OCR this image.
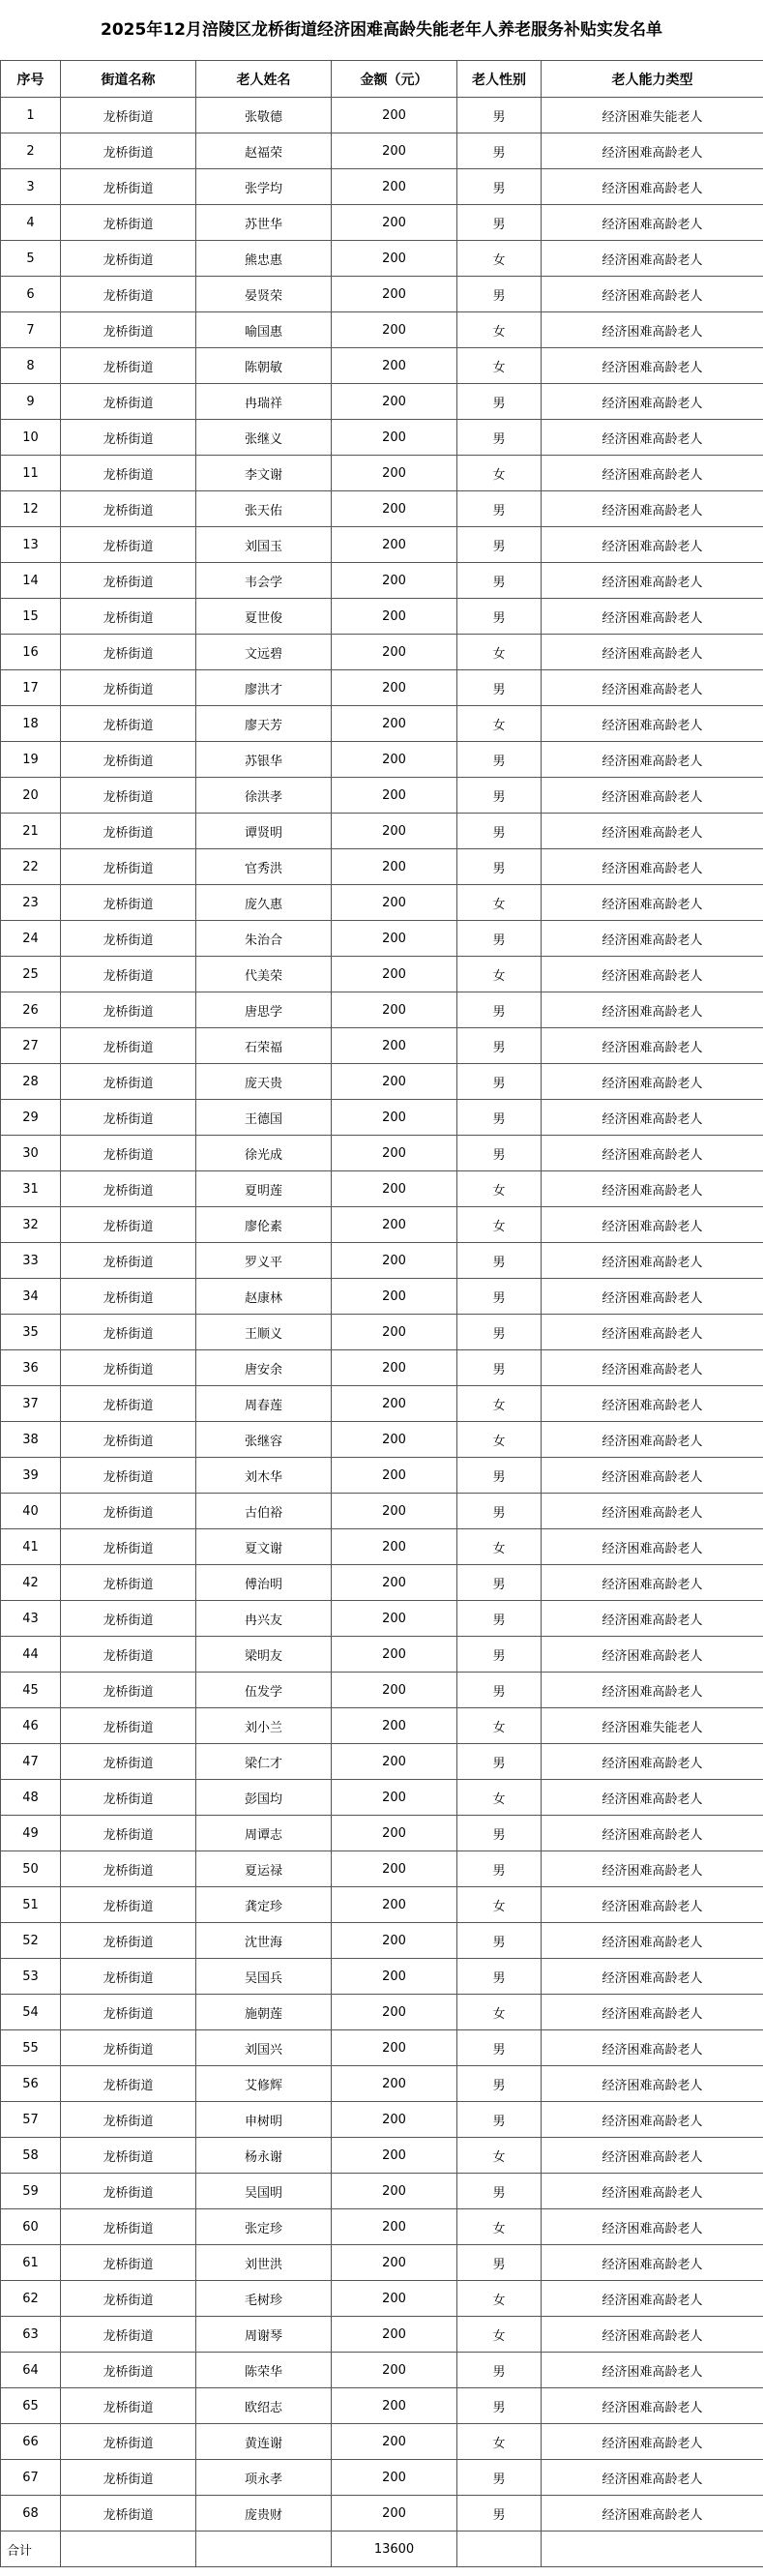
2025年12月涪陵区龙桥街道经济困难高龄失能老年人养老服务补贴实发名单
序号	街道名称	老人姓名	金额（元）	老人性别	老人能力类型
1	龙桥街道	张敬德	200	男	经济困难失能老人
2	龙桥街道	赵福荣	200	男	经济困难高龄老人
3	龙桥街道	张学均	200	男	经济困难高龄老人
4	龙桥街道	苏世华	200	男	经济困难高龄老人
5	龙桥街道	熊忠惠	200	女	经济困难高龄老人
6	龙桥街道	晏贤荣	200	男	经济困难高龄老人
7	龙桥街道	喻国惠	200	女	经济困难高龄老人
8	龙桥街道	陈朝敏	200	女	经济困难高龄老人
9	龙桥街道	冉瑞祥	200	男	经济困难高龄老人
10	龙桥街道	张继义	200	男	经济困难高龄老人
11	龙桥街道	李文谢	200	女	经济困难高龄老人
12	龙桥街道	张天佑	200	男	经济困难高龄老人
13	龙桥街道	刘国玉	200	男	经济困难高龄老人
14	龙桥街道	韦会学	200	男	经济困难高龄老人
15	龙桥街道	夏世俊	200	男	经济困难高龄老人
16	龙桥街道	文远碧	200	女	经济困难高龄老人
17	龙桥街道	廖洪才	200	男	经济困难高龄老人
18	龙桥街道	廖天芳	200	女	经济困难高龄老人
19	龙桥街道	苏银华	200	男	经济困难高龄老人
20	龙桥街道	徐洪孝	200	男	经济困难高龄老人
21	龙桥街道	谭贤明	200	男	经济困难高龄老人
22	龙桥街道	官秀洪	200	男	经济困难高龄老人
23	龙桥街道	庞久惠	200	女	经济困难高龄老人
24	龙桥街道	朱治合	200	男	经济困难高龄老人
25	龙桥街道	代美荣	200	女	经济困难高龄老人
26	龙桥街道	唐思学	200	男	经济困难高龄老人
27	龙桥街道	石荣福	200	男	经济困难高龄老人
28	龙桥街道	庞天贵	200	男	经济困难高龄老人
29	龙桥街道	王德国	200	男	经济困难高龄老人
30	龙桥街道	徐光成	200	男	经济困难高龄老人
31	龙桥街道	夏明莲	200	女	经济困难高龄老人
32	龙桥街道	廖伦素	200	女	经济困难高龄老人
33	龙桥街道	罗义平	200	男	经济困难高龄老人
34	龙桥街道	赵康林	200	男	经济困难高龄老人
35	龙桥街道	王顺义	200	男	经济困难高龄老人
36	龙桥街道	唐安余	200	男	经济困难高龄老人
37	龙桥街道	周春莲	200	女	经济困难高龄老人
38	龙桥街道	张继容	200	女	经济困难高龄老人
39	龙桥街道	刘木华	200	男	经济困难高龄老人
40	龙桥街道	古伯裕	200	男	经济困难高龄老人
41	龙桥街道	夏文谢	200	女	经济困难高龄老人
42	龙桥街道	傅治明	200	男	经济困难高龄老人
43	龙桥街道	冉兴友	200	男	经济困难高龄老人
44	龙桥街道	梁明友	200	男	经济困难高龄老人
45	龙桥街道	伍发学	200	男	经济困难高龄老人
46	龙桥街道	刘小兰	200	女	经济困难失能老人
47	龙桥街道	梁仁才	200	男	经济困难高龄老人
48	龙桥街道	彭国均	200	女	经济困难高龄老人
49	龙桥街道	周谭志	200	男	经济困难高龄老人
50	龙桥街道	夏运禄	200	男	经济困难高龄老人
51	龙桥街道	龚定珍	200	女	经济困难高龄老人
52	龙桥街道	沈世海	200	男	经济困难高龄老人
53	龙桥街道	吴国兵	200	男	经济困难高龄老人
54	龙桥街道	施朝莲	200	女	经济困难高龄老人
55	龙桥街道	刘国兴	200	男	经济困难高龄老人
56	龙桥街道	艾修辉	200	男	经济困难高龄老人
57	龙桥街道	申树明	200	男	经济困难高龄老人
58	龙桥街道	杨永谢	200	女	经济困难高龄老人
59	龙桥街道	吴国明	200	男	经济困难高龄老人
60	龙桥街道	张定珍	200	女	经济困难高龄老人
61	龙桥街道	刘世洪	200	男	经济困难高龄老人
62	龙桥街道	毛树珍	200	女	经济困难高龄老人
63	龙桥街道	周谢琴	200	女	经济困难高龄老人
64	龙桥街道	陈荣华	200	男	经济困难高龄老人
65	龙桥街道	欧绍志	200	男	经济困难高龄老人
66	龙桥街道	黄连谢	200	女	经济困难高龄老人
67	龙桥街道	项永孝	200	男	经济困难高龄老人
68	龙桥街道	庞贵财	200	男	经济困难高龄老人
合计			13600		
